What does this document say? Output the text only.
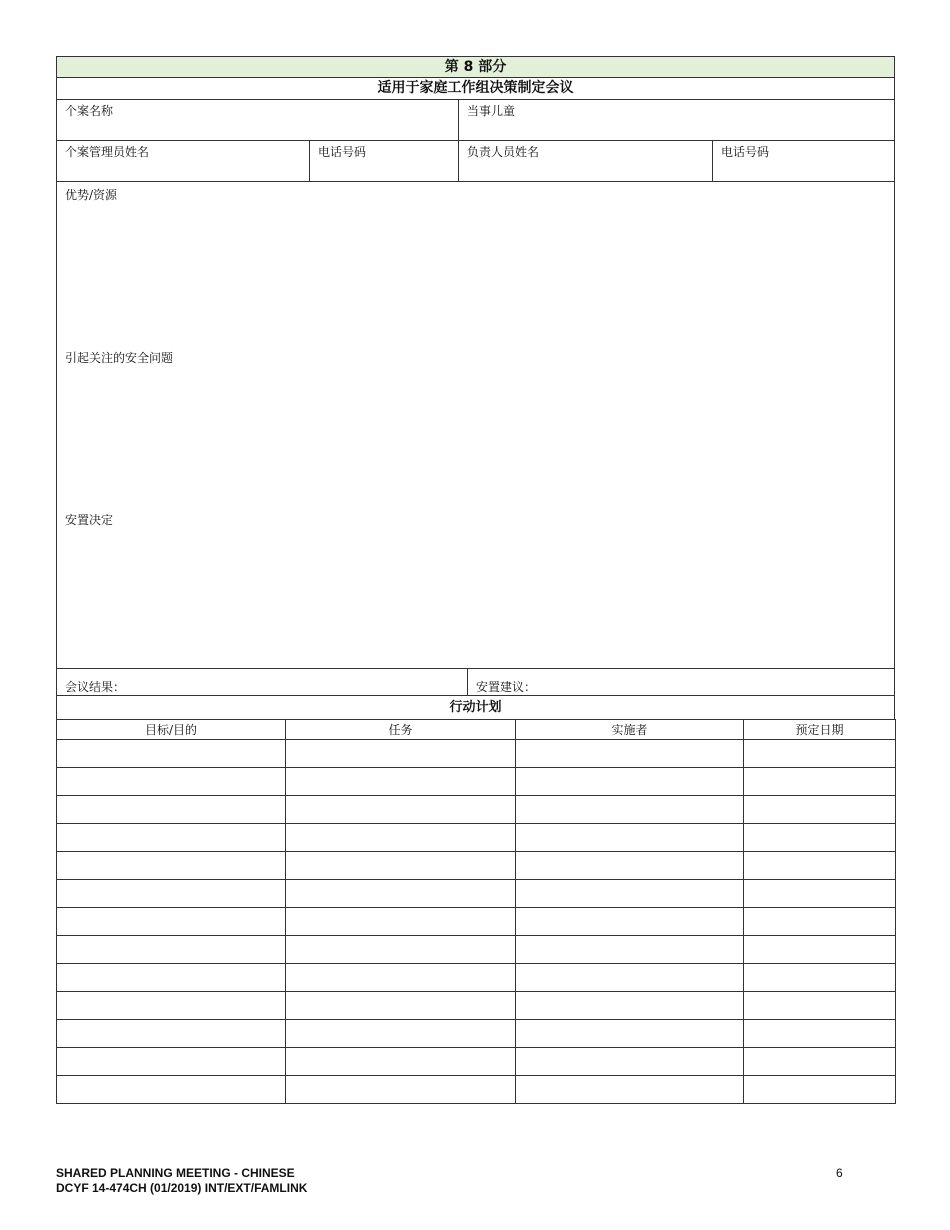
第 8 部分
适用于家庭工作组决策制定会议
个案名称	当事儿童
个案管理员姓名	电话号码	负责人员姓名	电话号码
优势/资源
引起关注的安全问题
安置决定
会议结果：	安置建议：
行动计划
目标/目的	任务	实施者	预定日期

SHARED PLANNING MEETING - CHINESE
DCYF 14-474CH (01/2019) INT/EXT/FAMLINK
6
